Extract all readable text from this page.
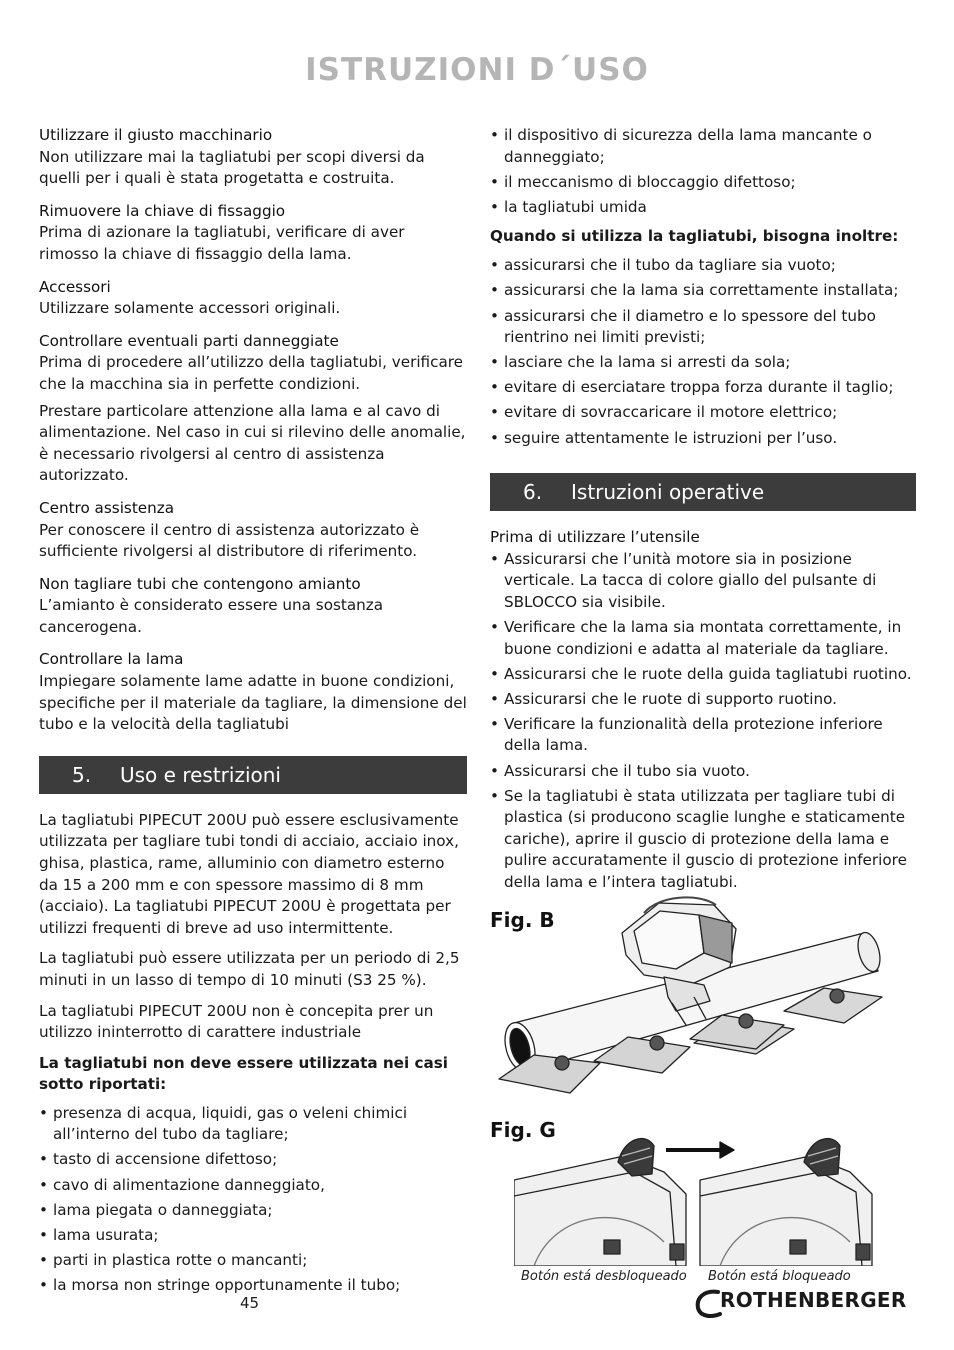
ISTRUZIONI D´USO
Utilizzare il giusto macchinario
Non utilizzare mai la tagliatubi per scopi diversi da quelli per i quali è stata progetatta e costruita.
Rimuovere la chiave di fissaggio
Prima di azionare la tagliatubi, verificare di aver rimosso la chiave di fissaggio della lama.
Accessori
Utilizzare solamente accessori originali.
Controllare eventuali parti danneggiate
Prima di procedere all’utilizzo della tagliatubi, verificare che la macchina sia in perfette condizioni.
Prestare particolare attenzione alla lama e al cavo di alimentazione. Nel caso in cui si rilevino delle anomalie, è necessario rivolgersi al centro di assistenza autorizzato.
Centro assistenza
Per conoscere il centro di assistenza autorizzato è sufficiente rivolgersi al distributore di riferimento.
Non tagliare tubi che contengono amianto
L’amianto è considerato essere una sostanza cancerogena.
Controllare la lama
Impiegare solamente lame adatte in buone condizioni, specifiche per il materiale da tagliare, la dimensione del tubo e la velocità della tagliatubi
5. Uso e restrizioni

La tagliatubi PIPECUT 200U può essere esclusivamente utilizzata per tagliare tubi tondi di acciaio, acciaio inox, ghisa, plastica, rame, alluminio con diametro esterno da 15 a 200 mm e con spessore massimo di 8 mm (acciaio). La tagliatubi PIPECUT 200U è progettata per utilizzi frequenti di breve ad uso intermittente.

La tagliatubi può essere utilizzata per un periodo di 2,5 minuti in un lasso di tempo di 10 minuti (S3 25 %).

La tagliatubi PIPECUT 200U non è concepita prer un utilizzo ininterrotto di carattere industriale

La tagliatubi non deve essere utilizzata nei casi sotto riportati:

• presenza di acqua, liquidi, gas o veleni chimici all’interno del tubo da tagliare;
• tasto di accensione difettoso;
• cavo di alimentazione danneggiato,
• lama piegata o danneggiata;
• lama usurata;
• parti in plastica rotte o mancanti;
• la morsa non stringe opportunamente il tubo;
• il dispositivo di sicurezza della lama mancante o danneggiato;
• il meccanismo di bloccaggio difettoso;
• la tagliatubi umida

Quando si utilizza la tagliatubi, bisogna inoltre:

• assicurarsi che il tubo da tagliare sia vuoto;
• assicurarsi che la lama sia correttamente installata;
• assicurarsi che il diametro e lo spessore del tubo rientrino nei limiti previsti;
• lasciare che la lama si arresti da sola;
• evitare di eserciatare troppa forza durante il taglio;
• evitare di sovraccaricare il motore elettrico;
• seguire attentamente le istruzioni per l’uso.
6. Istruzioni operative
Prima di utilizzare l’utensile
• Assicurarsi che l’unità motore sia in posizione verticale. La tacca di colore giallo del pulsante di SBLOCCO sia visibile.
• Verificare che la lama sia montata correttamente, in buone condizioni e adatta al materiale da tagliare.
• Assicurarsi che le ruote della guida tagliatubi ruotino.
• Assicurarsi che le ruote di supporto ruotino.
• Verificare la funzionalità della protezione inferiore della lama.
• Assicurarsi che il tubo sia vuoto.
• Se la tagliatubi è stata utilizzata per tagliare tubi di plastica (si producono scaglie lunghe e staticamente cariche), aprire il guscio di protezione della lama e pulire accuratamente il guscio di protezione inferiore della lama e l’intera tagliatubi.
Fig. B
Fig. G
Botón está desbloqueado Botón está bloqueado
45	ROTHENBERGER
